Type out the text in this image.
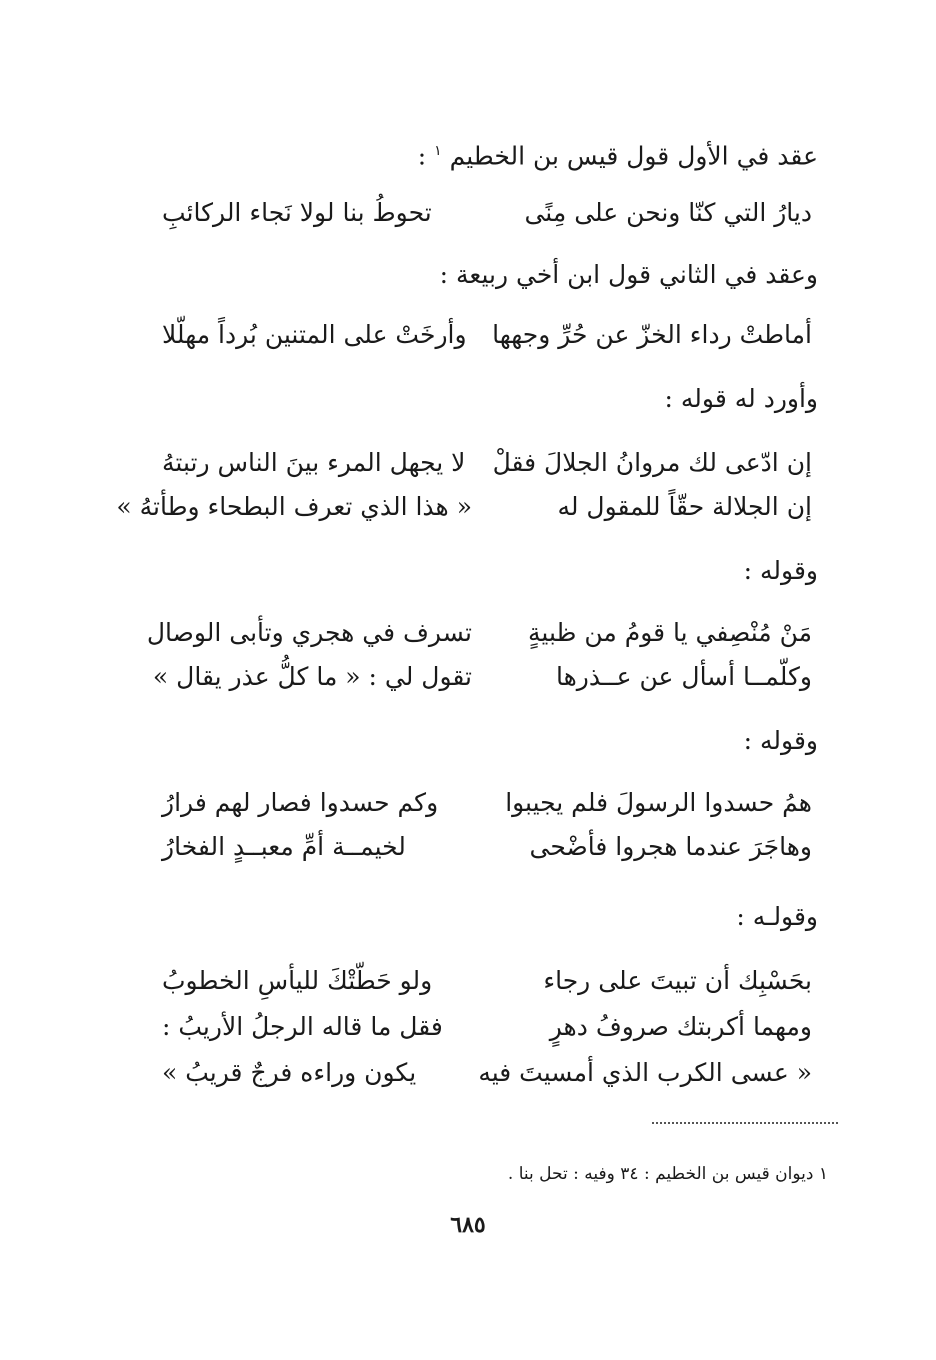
عقد في الأول قول قيس بن الخطيم $^١$ :
ديارُ التي كنّا ونحن على مِنًى
تحوطُ بنا لولا نَجاء الركائبِ
وعقد في الثاني قول ابن أخي ربيعة :
أماطتْ رداء الخزّ عن حُرِّ وجهها
وأرخَتْ على المتنين بُرداً مهلّلا
وأورد له قوله :
إن ادّعى لك مروانُ الجلالَ فقلْ
لا يجهل المرء بينَ الناس رتبتهُ
إن الجلالة حقّاً للمقول له
« هذا الذي تعرف البطحاء وطأتهُ »
وقوله :
مَنْ مُنْصِفي يا قومُ من ظبيةٍ
تسرف في هجري وتأبى الوصال
وكلّمــا أسأل عن عــذرها
تقول لي : « ما كلُّ عذر يقال »
وقوله :
همُ حسدوا الرسولَ فلم يجيبوا
وكم حسدوا فصار لهم فرارُ
وهاجَرَ عندما هجروا فأضْحى
لخيمــة أمِّ معبــدٍ الفخارُ
وقولـه :
بحَسْبِك أن تبيتَ على رجاء
ولو حَطّتْكَ لليأسِ الخطوبُ
ومهما أكربتك صروفُ دهرٍ
فقل ما قاله الرجلُ الأريبُ :
« عسى الكرب الذي أمسيتَ فيه
يكون وراءه فرجٌ قريبُ »
١ ديوان قيس بن الخطيم : ٣٤ وفيه : تحل بنا .
٦٨٥
